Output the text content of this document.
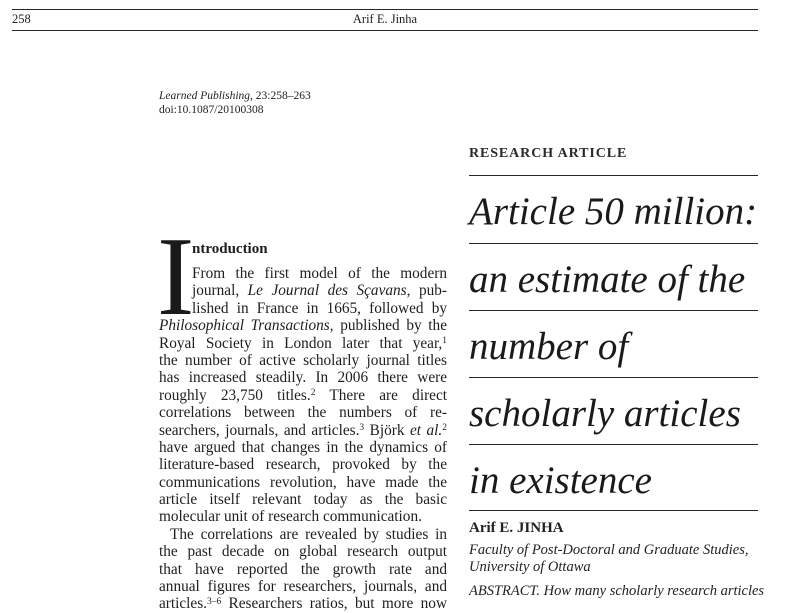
258	Arif E. Jinha
Learned Publishing, 23:258–263
doi:10.1087/20100308
RESEARCH ARTICLE
Article 50 million:
an estimate of the
number of
scholarly articles
in existence
Arif E. JINHA
Faculty of Post-Doctoral and Graduate Studies,
University of Ottawa
ABSTRACT. How many scholarly research articles
I
ntroduction
From the first model of the modern
journal, Le Journal des Sçavans, pub-
lished in France in 1665, followed by
Philosophical Transactions, published by the
Royal Society in London later that year,$^1$
the number of active scholarly journal titles
has increased steadily. In 2006 there were
roughly 23,750 titles.$^2$ There are direct
correlations between the numbers of re-
searchers, journals, and articles.$^3$ Björk et al.$^2$
have argued that changes in the dynamics of
literature-based research, provoked by the
communications revolution, have made the
article itself relevant today as the basic
molecular unit of research communication.
The correlations are revealed by studies in
the past decade on global research output
that have reported the growth rate and
annual figures for researchers, journals, and
articles.$^{3-6}$ Researchers ratios, but more now
